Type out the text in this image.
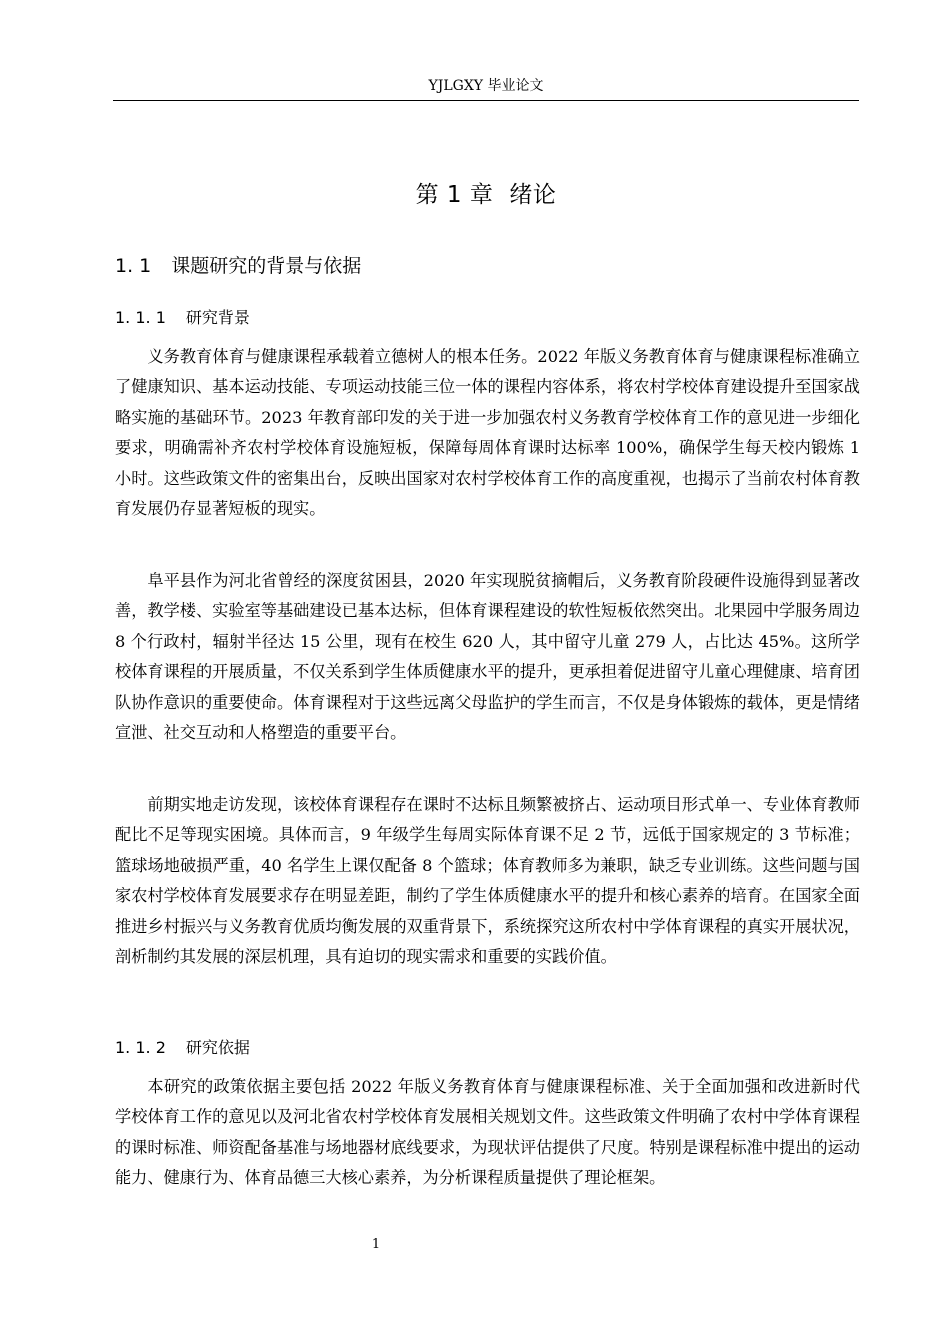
YJLGXY 毕业论文
第 1 章 绪论
1. 1 课题研究的背景与依据
1. 1. 1 研究背景

义务教育体育与健康课程承载着立德树人的根本任务。2022 年版义务教育体育与健康课程标准确立了健康知识、基本运动技能、专项运动技能三位一体的课程内容体系，将农村学校体育建设提升至国家战略实施的基础环节。2023 年教育部印发的关于进一步加强农村义务教育学校体育工作的意见进一步细化要求，明确需补齐农村学校体育设施短板，保障每周体育课时达标率 100%，确保学生每天校内锻炼 1 小时。这些政策文件的密集出台，反映出国家对农村学校体育工作的高度重视，也揭示了当前农村体育教育发展仍存显著短板的现实。

阜平县作为河北省曾经的深度贫困县，2020 年实现脱贫摘帽后，义务教育阶段硬件设施得到显著改善，教学楼、实验室等基础建设已基本达标，但体育课程建设的软性短板依然突出。北果园中学服务周边 8 个行政村，辐射半径达 15 公里，现有在校生 620 人，其中留守儿童 279 人，占比达 45%。这所学校体育课程的开展质量，不仅关系到学生体质健康水平的提升，更承担着促进留守儿童心理健康、培育团队协作意识的重要使命。体育课程对于这些远离父母监护的学生而言，不仅是身体锻炼的载体，更是情绪宣泄、社交互动和人格塑造的重要平台。

前期实地走访发现，该校体育课程存在课时不达标且频繁被挤占、运动项目形式单一、专业体育教师配比不足等现实困境。具体而言，9 年级学生每周实际体育课不足 2 节，远低于国家规定的 3 节标准；篮球场地破损严重，40 名学生上课仅配备 8 个篮球；体育教师多为兼职，缺乏专业训练。这些问题与国家农村学校体育发展要求存在明显差距，制约了学生体质健康水平的提升和核心素养的培育。在国家全面推进乡村振兴与义务教育优质均衡发展的双重背景下，系统探究这所农村中学体育课程的真实开展状况，剖析制约其发展的深层机理，具有迫切的现实需求和重要的实践价值。

1. 1. 2 研究依据

本研究的政策依据主要包括 2022 年版义务教育体育与健康课程标准、关于全面加强和改进新时代学校体育工作的意见以及河北省农村学校体育发展相关规划文件。这些政策文件明确了农村中学体育课程的课时标准、师资配备基准与场地器材底线要求，为现状评估提供了尺度。特别是课程标准中提出的运动能力、健康行为、体育品德三大核心素养，为分析课程质量提供了理论框架。

1
